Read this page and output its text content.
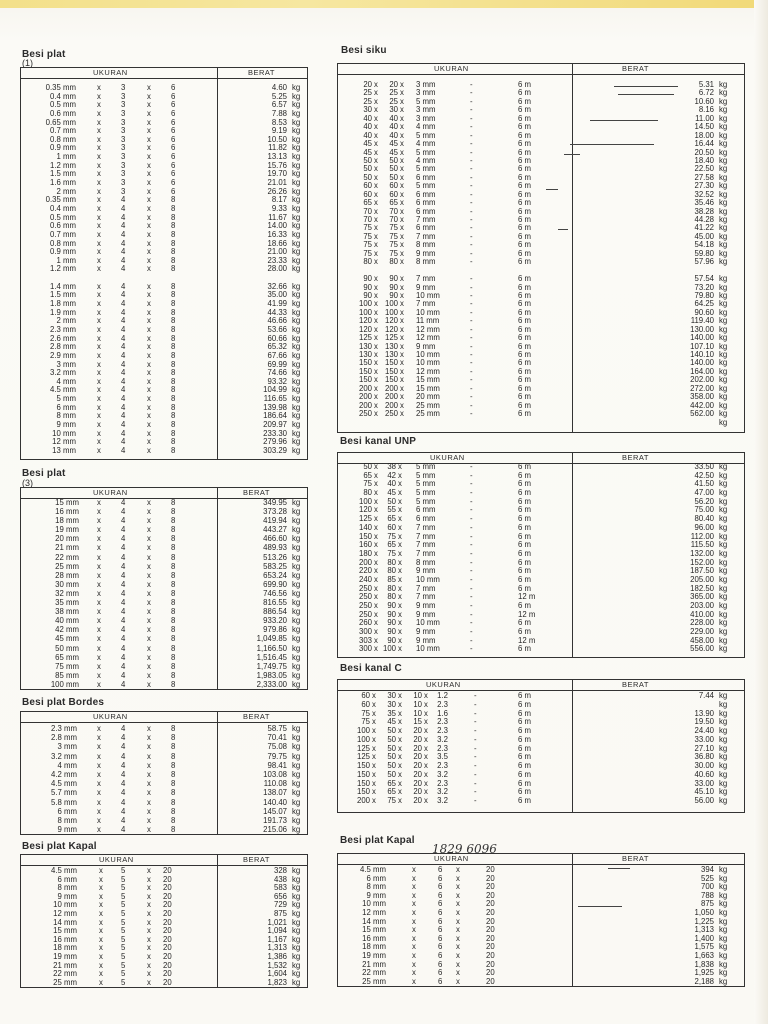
Besi plat
(1)
UKURAN	BERAT
0.35 mm	x	3	x	6	4.60 kg
0.4 mm	x	3	x	6	5.25 kg
0.5 mm	x	3	x	6	6.57 kg
0.6 mm	x	3	x	6	7.88 kg
0.65 mm	x	3	x	6	8.53 kg
0.7 mm	x	3	x	6	9.19 kg
0.8 mm	x	3	x	6	10.50 kg
0.9 mm	x	3	x	6	11.82 kg
1 mm	x	3	x	6	13.13 kg
1.2 mm	x	3	x	6	15.76 kg
1.5 mm	x	3	x	6	19.70 kg
1.6 mm	x	3	x	6	21.01 kg
2 mm	x	3	x	6	26.26 kg
0.35 mm	x	4	x	8	8.17 kg
0.4 mm	x	4	x	8	9.33 kg
0.5 mm	x	4	x	8	11.67 kg
0.6 mm	x	4	x	8	14.00 kg
0.7 mm	x	4	x	8	16.33 kg
0.8 mm	x	4	x	8	18.66 kg
0.9 mm	x	4	x	8	21.00 kg
1 mm	x	4	x	8	23.33 kg
1.2 mm	x	4	x	8	28.00 kg
1.4 mm	x	4	x	8	32.66 kg
1.5 mm	x	4	x	8	35.00 kg
1.8 mm	x	4	x	8	41.99 kg
1.9 mm	x	4	x	8	44.33 kg
2 mm	x	4	x	8	46.66 kg
2.3 mm	x	4	x	8	53.66 kg
2.6 mm	x	4	x	8	60.66 kg
2.8 mm	x	4	x	8	65.32 kg
2.9 mm	x	4	x	8	67.66 kg
3 mm	x	4	x	8	69.99 kg
3.2 mm	x	4	x	8	74.66 kg
4 mm	x	4	x	8	93.32 kg
4.5 mm	x	4	x	8	104.99 kg
5 mm	x	4	x	8	116.65 kg
6 mm	x	4	x	8	139.98 kg
8 mm	x	4	x	8	186.64 kg
9 mm	x	4	x	8	209.97 kg
10 mm	x	4	x	8	233.30 kg
12 mm	x	4	x	8	279.96 kg
13 mm	x	4	x	8	303.29 kg
Besi siku
UKURAN	BERAT
20 x 20 x 3 mm	-	6 m	5.31 kg
25 x 25 x 3 mm	-	6 m	6.72 kg
25 x 25 x 5 mm	-	6 m	10.60 kg
30 x 30 x 3 mm	-	6 m	8.16 kg
40 x 40 x 3 mm	-	6 m	11.00 kg
40 x 40 x 4 mm	-	6 m	14.50 kg
40 x 40 x 5 mm	-	6 m	18.00 kg
45 x 45 x 4 mm	-	6 m	16.44 kg
45 x 45 x 5 mm	-	6 m	20.50 kg
50 x 50 x 4 mm	-	6 m	18.40 kg
50 x 50 x 5 mm	-	6 m	22.50 kg
50 x 50 x 6 mm	-	6 m	27.58 kg
60 x 60 x 5 mm	-	6 m	27.30 kg
60 x 60 x 6 mm	-	6 m	32.52 kg
65 x 65 x 6 mm	-	6 m	35.46 kg
70 x 70 x 6 mm	-	6 m	38.28 kg
70 x 70 x 7 mm	-	6 m	44.28 kg
75 x 75 x 6 mm	-	6 m	41.22 kg
75 x 75 x 7 mm	-	6 m	45.00 kg
75 x 75 x 8 mm	-	6 m	54.18 kg
75 x 75 x 9 mm	-	6 m	59.80 kg
80 x 80 x 8 mm	-	6 m	57.96 kg
90 x 90 x 7 mm	-	6 m	57.54 kg
90 x 90 x 9 mm	-	6 m	73.20 kg
90 x 90 x 10 mm	-	6 m	79.80 kg
100 x 100 x 7 mm	-	6 m	64.25 kg
100 x 100 x 10 mm	-	6 m	90.60 kg
120 x 120 x 11 mm	-	6 m	119.40 kg
120 x 120 x 12 mm	-	6 m	130.00 kg
125 x 125 x 12 mm	-	6 m	140.00 kg
130 x 130 x 9 mm	-	6 m	107.10 kg
130 x 130 x 10 mm	-	6 m	140.10 kg
150 x 150 x 10 mm	-	6 m	140.00 kg
150 x 150 x 12 mm	-	6 m	164.00 kg
150 x 150 x 15 mm	-	6 m	202.00 kg
200 x 200 x 15 mm	-	6 m	272.00 kg
200 x 200 x 20 mm	-	6 m	358.00 kg
200 x 200 x 25 mm	-	6 m	442.00 kg
250 x 250 x 25 mm	-	6 m	562.00 kg
kg
Besi plat
(3)
UKURAN	BERAT
15 mm x	4	x	8	349.95 kg
16 mm x	4	x	8	373.28 kg
18 mm x	4	x	8	419.94 kg
19 mm x	4	x	8	443.27 kg
20 mm x	4	x	8	466.60 kg
21 mm x	4	x	8	489.93 kg
22 mm x	4	x	8	513.26 kg
25 mm x	4	x	8	583.25 kg
28 mm x	4	x	8	653.24 kg
30 mm x	4	x	8	699.90 kg
32 mm x	4	x	8	746.56 kg
35 mm x	4	x	8	816.55 kg
38 mm x	4	x	8	886.54 kg
40 mm x	4	x	8	933.20 kg
42 mm x	4	x	8	979.86 kg
45 mm x	4	x	8	1,049.85 kg
50 mm x	4	x	8	1,166.50 kg
65 mm x	4	x	8	1,516.45 kg
75 mm x	4	x	8	1,749.75 kg
85 mm x	4	x	8	1,983.05 kg
100 mm x	4	x	8	2,333.00 kg
Besi kanal UNP
UKURAN	BERAT
50 x 38 x 5 mm	-	6 m	33.50 kg
65 x 42 x 5 mm	-	6 m	42.50 kg
75 x 40 x 5 mm	-	6 m	41.50 kg
80 x 45 x 5 mm	-	6 m	47.00 kg
100 x 50 x 5 mm	-	6 m	56.20 kg
120 x 55 x 6 mm	-	6 m	75.00 kg
125 x 65 x 6 mm	-	6 m	80.40 kg
140 x 60 x 7 mm	-	6 m	96.00 kg
150 x 75 x 7 mm	-	6 m	112.00 kg
160 x 65 x 7 mm	-	6 m	115.50 kg
180 x 75 x 7 mm	-	6 m	132.00 kg
200 x 80 x 8 mm	-	6 m	152.00 kg
220 x 80 x 9 mm	-	6 m	187.50 kg
240 x 85 x 10 mm	-	6 m	205.00 kg
250 x 80 x 7 mm	-	6 m	182.50 kg
250 x 80 x 7 mm	-	12 m	365.00 kg
250 x 90 x 9 mm	-	6 m	203.00 kg
250 x 90 x 9 mm	-	12 m	410.00 kg
260 x 90 x 10 mm	-	6 m	228.00 kg
300 x 90 x 9 mm	-	6 m	229.00 kg
303 x 90 x 9 mm	-	12 m	458.00 kg
300 x 100 x 10 mm	-	6 m	556.00 kg
Besi plat Bordes
UKURAN	BERAT
2.3 mm	x	4	x	8	58.75 kg
2.8 mm	x	4	x	8	70.41 kg
3 mm	x	4	x	8	75.08 kg
3.2 mm	x	4	x	8	79.75 kg
4 mm	x	4	x	8	98.41 kg
4.2 mm	x	4	x	8	103.08 kg
4.5 mm	x	4	x	8	110.08 kg
5.7 mm	x	4	x	8	138.07 kg
5.8 mm	x	4	x	8	140.40 kg
6 mm	x	4	x	8	145.07 kg
8 mm	x	4	x	8	191.73 kg
9 mm	x	4	x	8	215.06 kg
Besi kanal C
UKURAN	BERAT
60 x 30 x 10 x 1.2	-	6 m	7.44 kg
60 x 30 x 10 x 2.3	-	6 m	kg
75 x 35 x 10 x 1.6	-	6 m	13.90 kg
75 x 45 x 15 x 2.3	-	6 m	19.50 kg
100 x 50 x 20 x 2.3	-	6 m	24.40 kg
100 x 50 x 20 x 3.2	-	6 m	33.00 kg
125 x 50 x 20 x 2.3	-	6 m	27.10 kg
125 x 50 x 20 x 3.5	-	6 m	36.80 kg
150 x 50 x 20 x 2.3	-	6 m	30.00 kg
150 x 50 x 20 x 3.2	-	6 m	40.60 kg
150 x 65 x 20 x 2.3	-	6 m	33.00 kg
150 x 65 x 20 x 3.2	-	6 m	45.10 kg
200 x 75 x 20 x 3.2	-	6 m	56.00 kg
Besi plat Kapal
UKURAN	BERAT
4.5 mm	x 5	x 20	328 kg
6 mm	x 5	x 20	438 kg
8 mm	x 5	x 20	583 kg
9 mm	x 5	x 20	656 kg
10 mm	x 5	x 20	729 kg
12 mm	x 5	x 20	875 kg
14 mm	x 5	x 20	1,021 kg
15 mm	x 5	x 20	1,094 kg
16 mm	x 5	x 20	1,167 kg
18 mm	x 5	x 20	1,313 kg
19 mm	x 5	x 20	1,386 kg
21 mm	x 5	x 20	1,532 kg
22 mm	x 5	x 20	1,604 kg
25 mm	x 5	x 20	1,823 kg
Besi plat Kapal
1829 6096
UKURAN	BERAT
4.5 mm	x	6 x	20	394 kg
6 mm	x	6 x	20	525 kg
8 mm	x	6 x	20	700 kg
9 mm	x	6 x	20	788 kg
10 mm	x	6 x	20	875 kg
12 mm	x	6 x	20	1,050 kg
14 mm	x	6 x	20	1,225 kg
15 mm	x	6 x	20	1,313 kg
16 mm	x	6 x	20	1,400 kg
18 mm	x	6 x	20	1,575 kg
19 mm	x	6 x	20	1,663 kg
21 mm	x	6 x	20	1,838 kg
22 mm	x	6 x	20	1,925 kg
25 mm	x	6 x	20	2,188 kg
